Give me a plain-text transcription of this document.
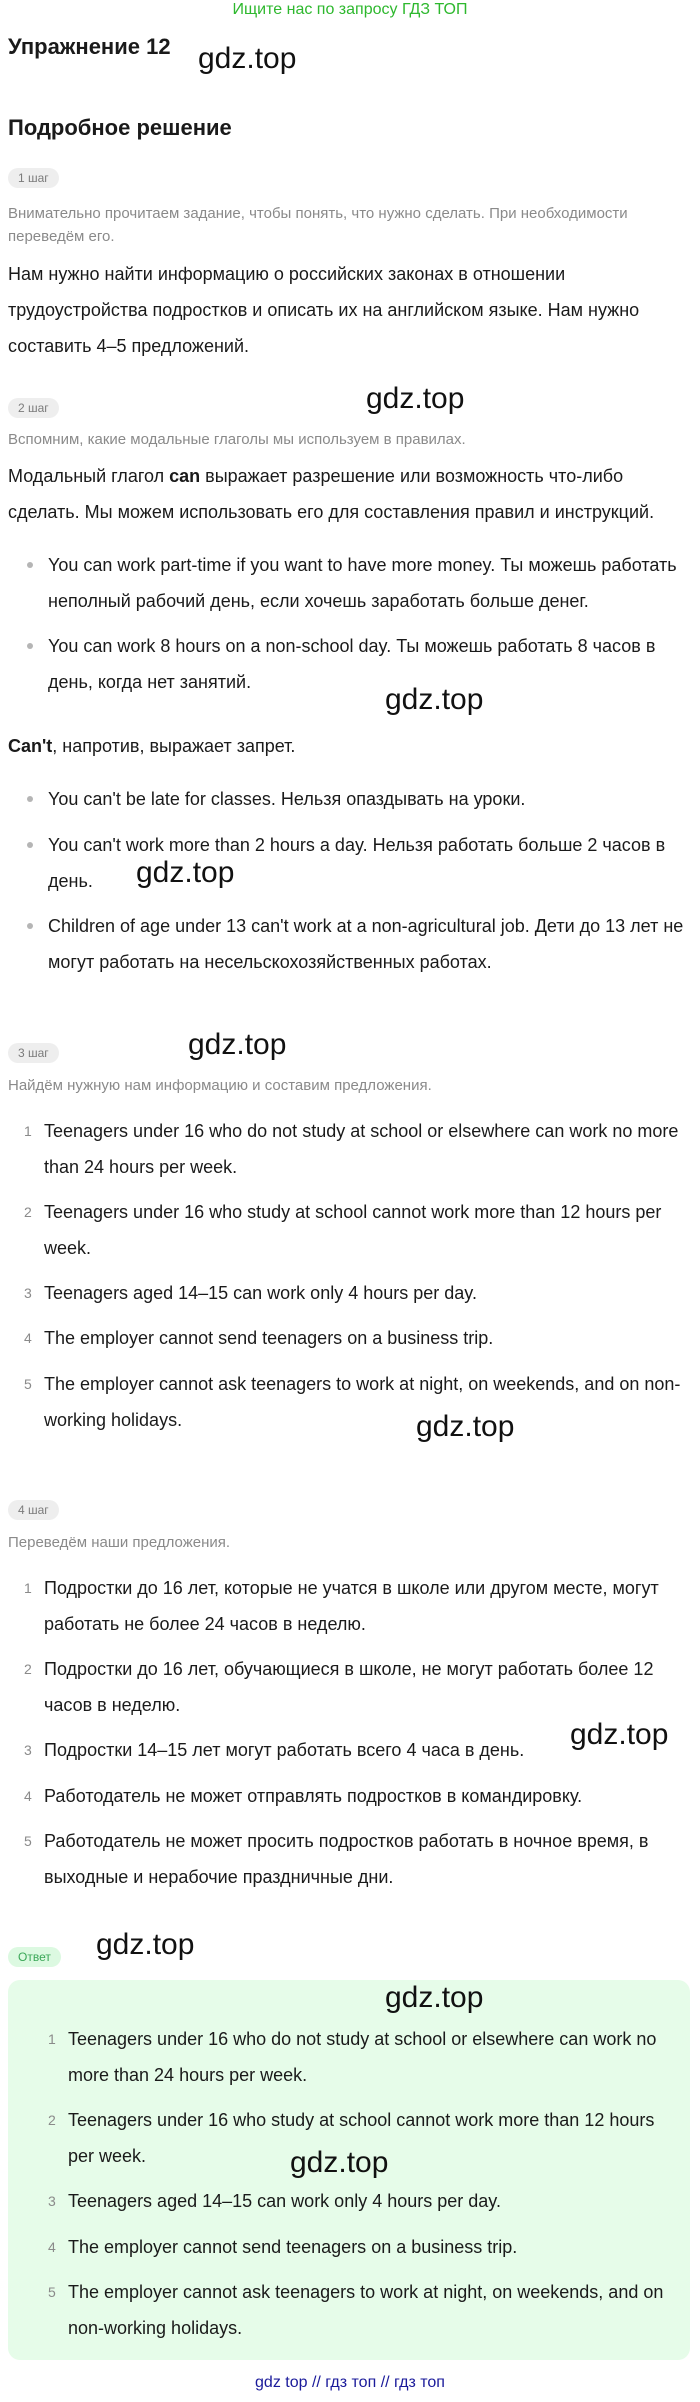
Ищите нас по запросу ГДЗ ТОП
Упражнение 12 gdz.top
Подробное решение
1 шаг

Внимательно прочитаем задание, чтобы понять, что нужно сделать. При необходимости переведём его.

Нам нужно найти информацию о российских законах в отношении трудоустройства подростков и описать их на английском языке. Нам нужно составить 4–5 предложений.

2 шаг	gdz.top

Вспомним, какие модальные глаголы мы используем в правилах.

Модальный глагол can выражает разрешение или возможность что-либо сделать. Мы можем использовать его для составления правил и инструкций.

You can work part-time if you want to have more money. Ты можешь работать неполный рабочий день, если хочешь заработать больше денег.

You can work 8 hours on a non-school day. Ты можешь работать 8 часов в день, когда нет занятий.

gdz.top

Can't, напротив, выражает запрет.

You can't be late for classes. Нельзя опаздывать на уроки.

You can't work more than 2 hours a day. Нельзя работать больше 2 часов в день.	gdz.top

Children of age under 13 can't work at a non-agricultural job. Дети до 13 лет не могут работать на несельскохозяйственных работах.

3 шаг	gdz.top

Найдём нужную нам информацию и составим предложения.

1 Teenagers under 16 who do not study at school or elsewhere can work no more than 24 hours per week.

2 Teenagers under 16 who study at school cannot work more than 12 hours per week.

3 Teenagers aged 14–15 can work only 4 hours per day.

4 The employer cannot send teenagers on a business trip.

5 The employer cannot ask teenagers to work at night, on weekends, and on non-working holidays.	gdz.top
4 шаг

Переведём наши предложения.

1 Подростки до 16 лет, которые не учатся в школе или другом месте, могут работать не более 24 часов в неделю.

2 Подростки до 16 лет, обучающиеся в школе, не могут работать более 12 часов в неделю.

3 Подростки 14–15 лет могут работать всего 4 часа в день.	gdz.top

4 Работодатель не может отправлять подростков в командировку.

5 Работодатель не может просить подростков работать в ночное время, в выходные и нерабочие праздничные дни.

Ответ	gdz.top
gdz.top

1 Teenagers under 16 who do not study at school or elsewhere can work no more than 24 hours per week.

2 Teenagers under 16 who study at school cannot work more than 12 hours per week.	gdz.top

3 Teenagers aged 14–15 can work only 4 hours per day.

4 The employer cannot send teenagers on a business trip.

5 The employer cannot ask teenagers to work at night, on weekends, and on non-working holidays.

gdz top // гдз топ // гдз топ
